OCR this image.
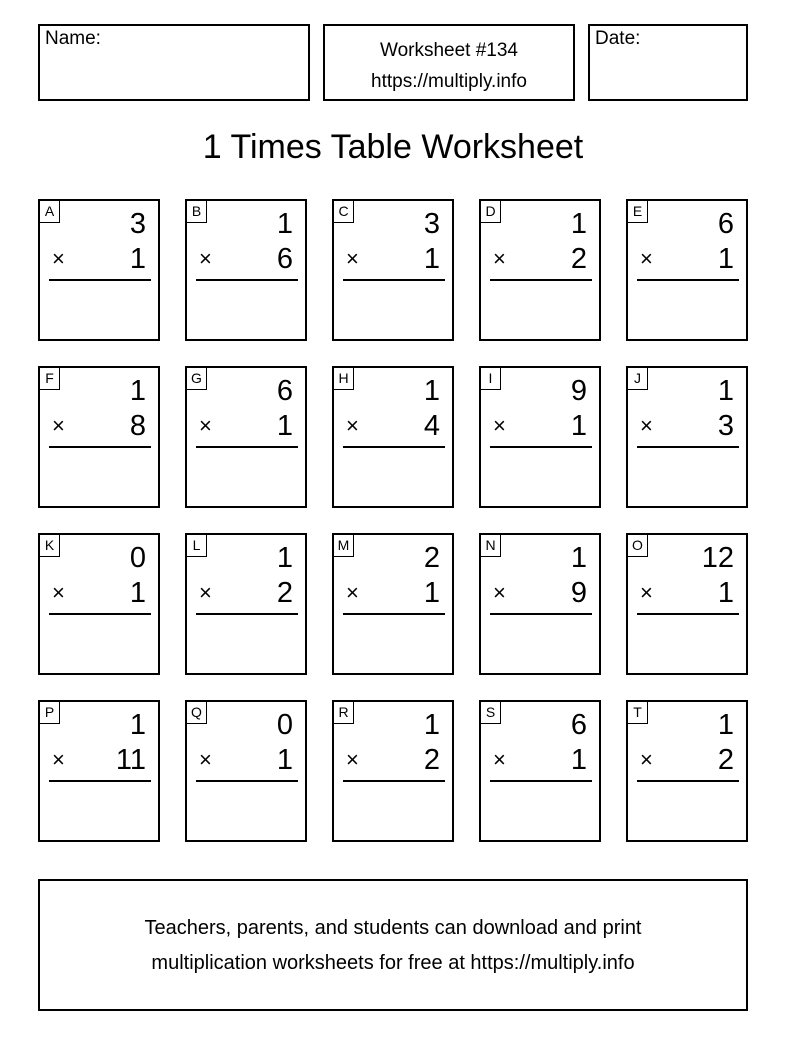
Name:
Worksheet #134
https://multiply.info
Date:
1 Times Table Worksheet
A	3
× 1
B	1
× 6
C	3
× 1
D	1
× 2
E	6
× 1
F	1
× 8
G	6
× 1
H	1
× 4
I	9
× 1
J	1
× 3
K	0
× 1
L	1
× 2
M	2
× 1
N	1
× 9
O 12
× 1
P	1
× 11
Q	0
× 1
R	1
× 2
S	6
× 1
T	1
× 2
Teachers, parents, and students can download and print
multiplication worksheets for free at https://multiply.info
